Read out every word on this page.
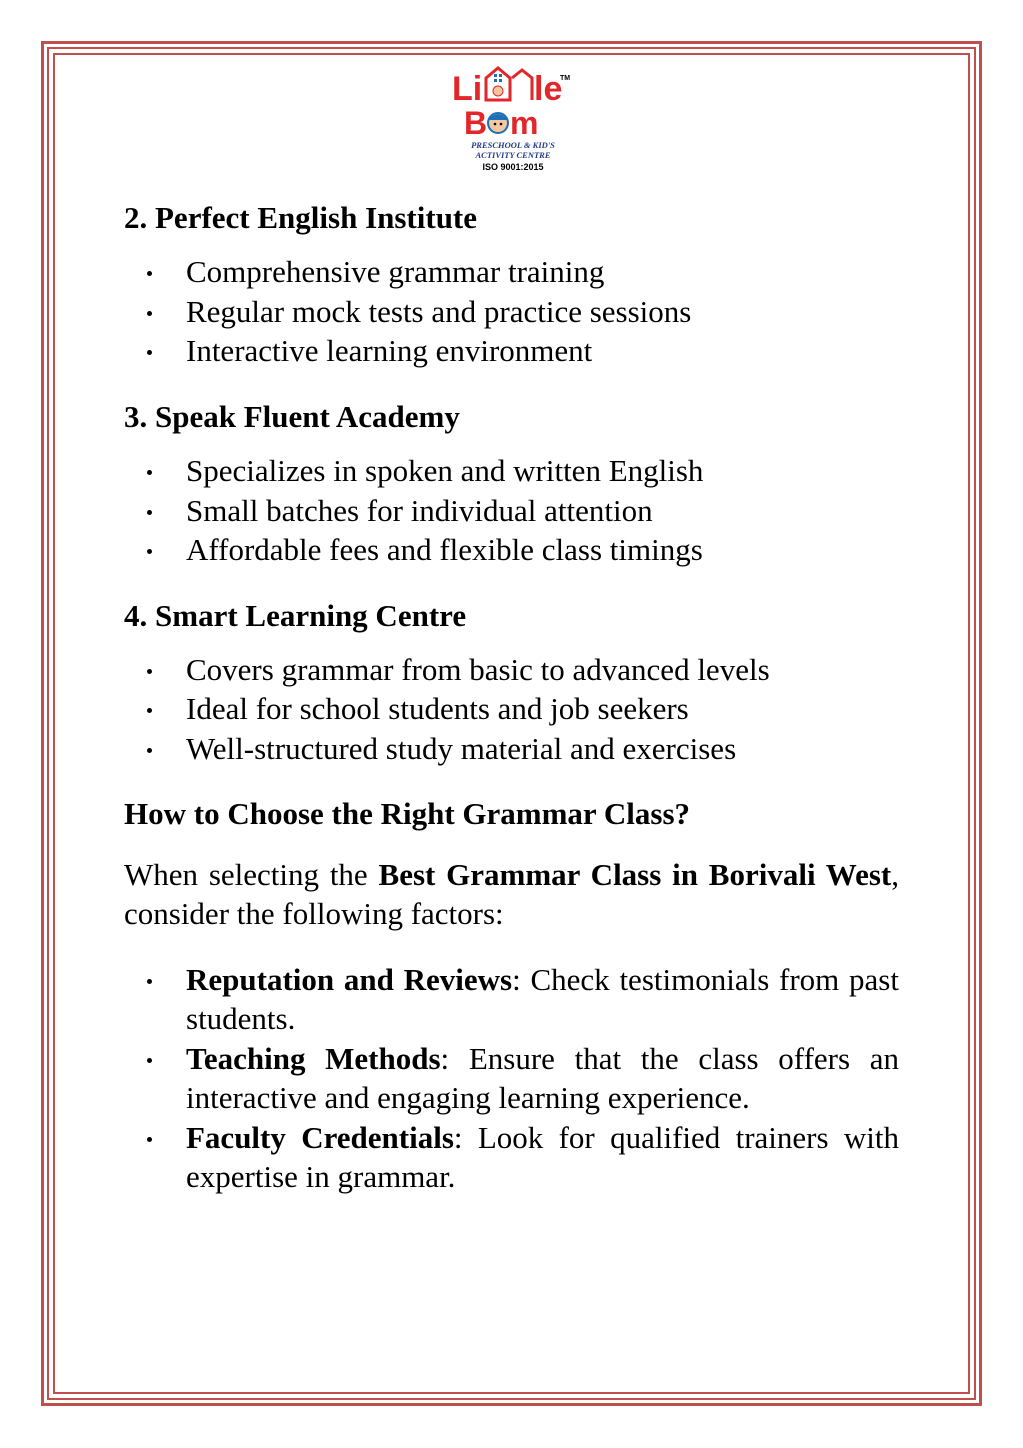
Li le
TM
B m
PRESCHOOL & KID'S
ACTIVITY CENTRE
ISO 9001:2015
2. Perfect English Institute
Comprehensive grammar training
Regular mock tests and practice sessions
Interactive learning environment
3. Speak Fluent Academy
Specializes in spoken and written English
Small batches for individual attention
Affordable fees and flexible class timings
4. Smart Learning Centre
Covers grammar from basic to advanced levels
Ideal for school students and job seekers
Well-structured study material and exercises
How to Choose the Right Grammar Class?

When selecting the Best Grammar Class in Borivali West, consider the following factors:

Reputation and Reviews: Check testimonials from past students.
Teaching Methods: Ensure that the class offers an interactive and engaging learning experience.
Faculty Credentials: Look for qualified trainers with expertise in grammar.
